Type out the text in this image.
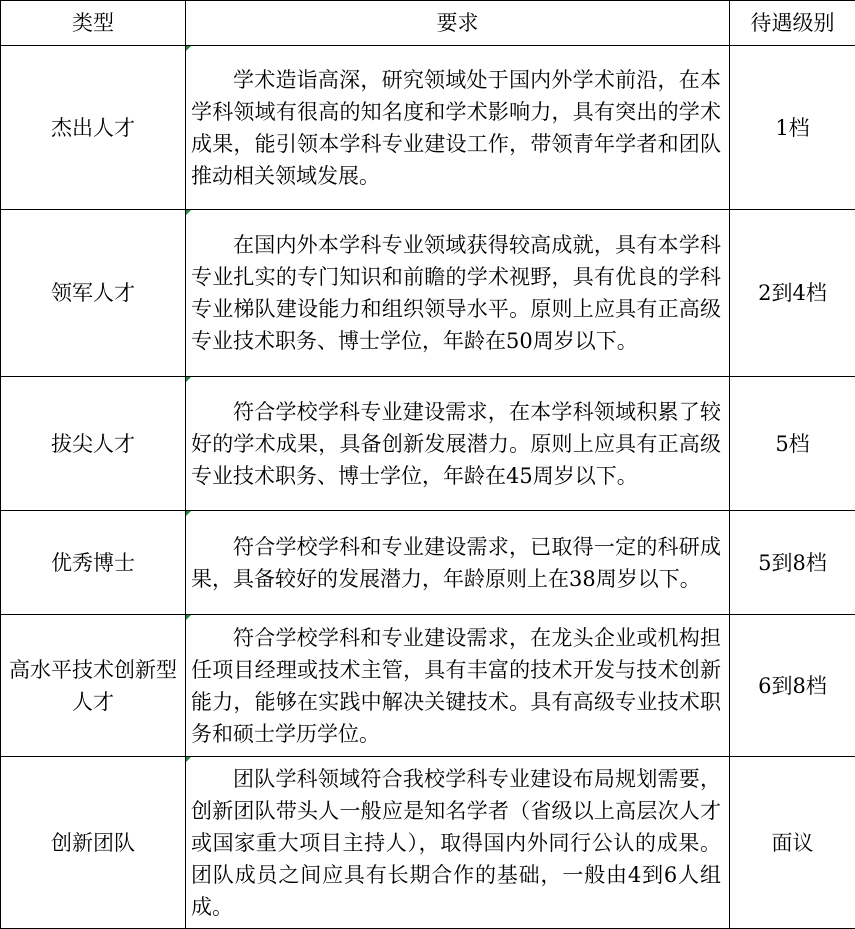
类型	要求	待遇级别
杰出人才	学术造诣高深，研究领域处于国内外学术前沿，在本学科领域有很高的知名度和学术影响力，具有突出的学术成果，能引领本学科专业建设工作，带领青年学者和团队推动相关领域发展。	1档
领军人才	在国内外本学科专业领域获得较高成就，具有本学科专业扎实的专门知识和前瞻的学术视野，具有优良的学科专业梯队建设能力和组织领导水平。原则上应具有正高级专业技术职务、博士学位，年龄在50周岁以下。	2到4档
拔尖人才	符合学校学科专业建设需求，在本学科领域积累了较好的学术成果，具备创新发展潜力。原则上应具有正高级专业技术职务、博士学位，年龄在45周岁以下。	5档
优秀博士	符合学校学科和专业建设需求，已取得一定的科研成果，具备较好的发展潜力，年龄原则上在38周岁以下。	5到8档
高水平技术创新型人才	符合学校学科和专业建设需求，在龙头企业或机构担任项目经理或技术主管，具有丰富的技术开发与技术创新能力，能够在实践中解决关键技术。具有高级专业技术职务和硕士学历学位。	6到8档
创新团队	团队学科领域符合我校学科专业建设布局规划需要，创新团队带头人一般应是知名学者（省级以上高层次人才或国家重大项目主持人），取得国内外同行公认的成果。团队成员之间应具有长期合作的基础，一般由4到6人组成。	面议
